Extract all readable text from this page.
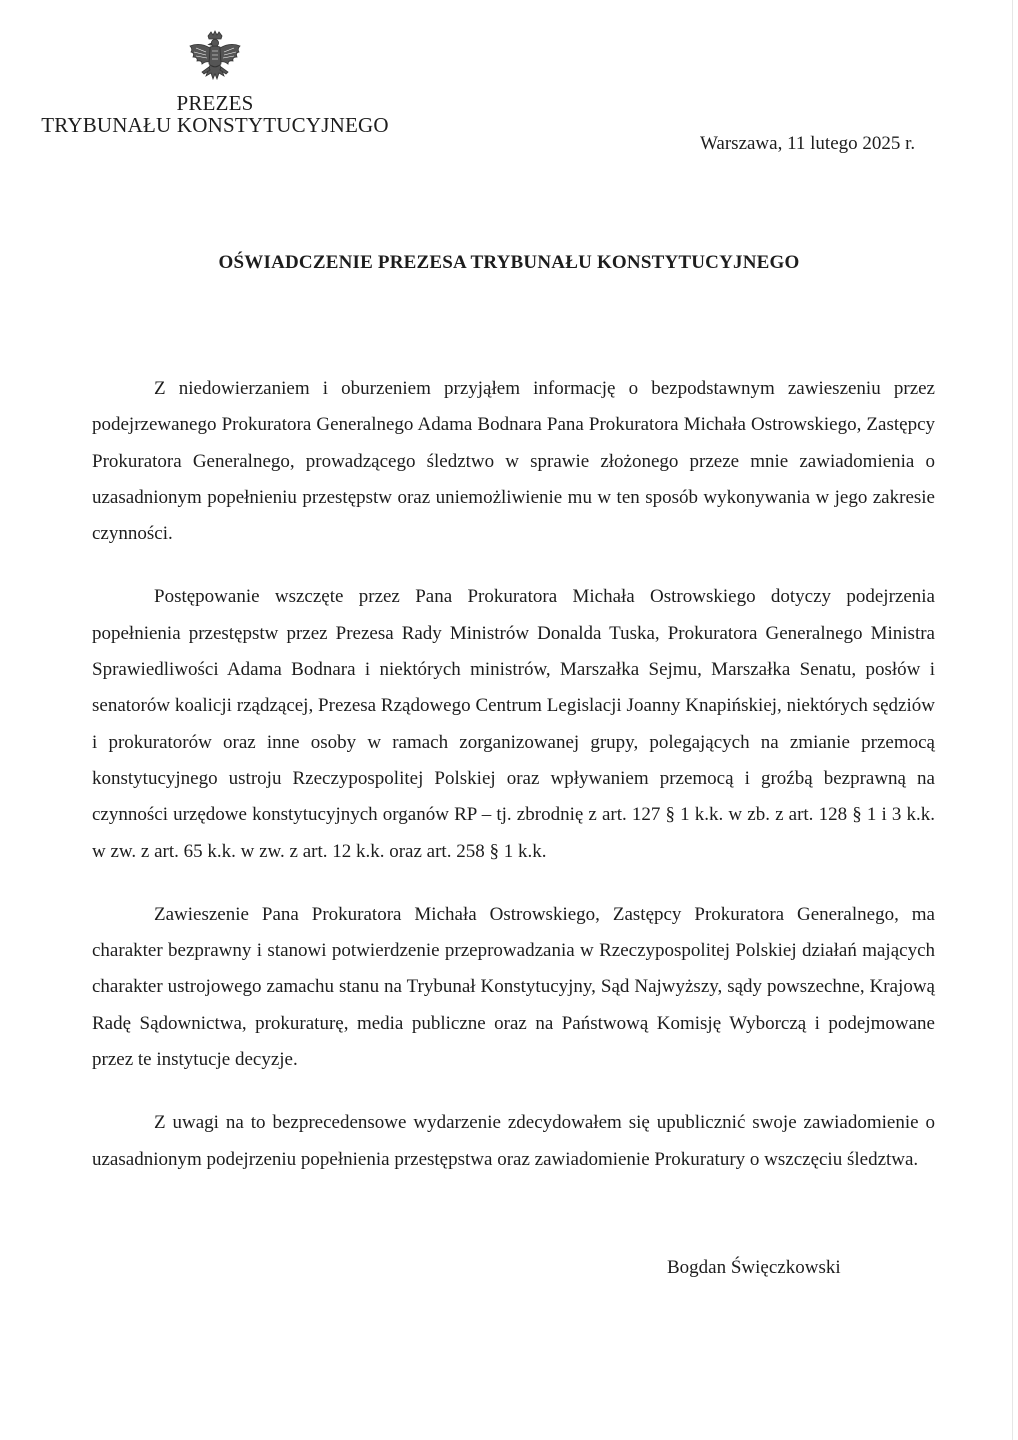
PREZES
TRYBUNAŁU KONSTYTUCYJNEGO
Warszawa, 11 lutego 2025 r.
OŚWIADCZENIE PREZESA TRYBUNAŁU KONSTYTUCYJNEGO

Z niedowierzaniem i oburzeniem przyjąłem informację o bezpodstawnym zawieszeniu przez podejrzewanego Prokuratora Generalnego Adama Bodnara Pana Prokuratora Michała Ostrowskiego, Zastępcy Prokuratora Generalnego, prowadzącego śledztwo w sprawie złożonego przeze mnie zawiadomienia o uzasadnionym popełnieniu przestępstw oraz uniemożliwienie mu w ten sposób wykonywania w jego zakresie czynności.

Postępowanie wszczęte przez Pana Prokuratora Michała Ostrowskiego dotyczy podejrzenia popełnienia przestępstw przez Prezesa Rady Ministrów Donalda Tuska, Prokuratora Generalnego Ministra Sprawiedliwości Adama Bodnara i niektórych ministrów, Marszałka Sejmu, Marszałka Senatu, posłów i senatorów koalicji rządzącej, Prezesa Rządowego Centrum Legislacji Joanny Knapińskiej, niektórych sędziów i prokuratorów oraz inne osoby w ramach zorganizowanej grupy, polegających na zmianie przemocą konstytucyjnego ustroju Rzeczypospolitej Polskiej oraz wpływaniem przemocą i groźbą bezprawną na czynności urzędowe konstytucyjnych organów RP – tj. zbrodnię z art. 127 § 1 k.k. w zb. z art. 128 § 1 i 3 k.k. w zw. z art. 65 k.k. w zw. z art. 12 k.k. oraz art. 258 § 1 k.k.

Zawieszenie Pana Prokuratora Michała Ostrowskiego, Zastępcy Prokuratora Generalnego, ma charakter bezprawny i stanowi potwierdzenie przeprowadzania w Rzeczypospolitej Polskiej działań mających charakter ustrojowego zamachu stanu na Trybunał Konstytucyjny, Sąd Najwyższy, sądy powszechne, Krajową Radę Sądownictwa, prokuraturę, media publiczne oraz na Państwową Komisję Wyborczą i podejmowane przez te instytucje decyzje.

Z uwagi na to bezprecedensowe wydarzenie zdecydowałem się upublicznić swoje zawiadomienie o uzasadnionym podejrzeniu popełnienia przestępstwa oraz zawiadomienie Prokuratury o wszczęciu śledztwa.

Bogdan Święczkowski
